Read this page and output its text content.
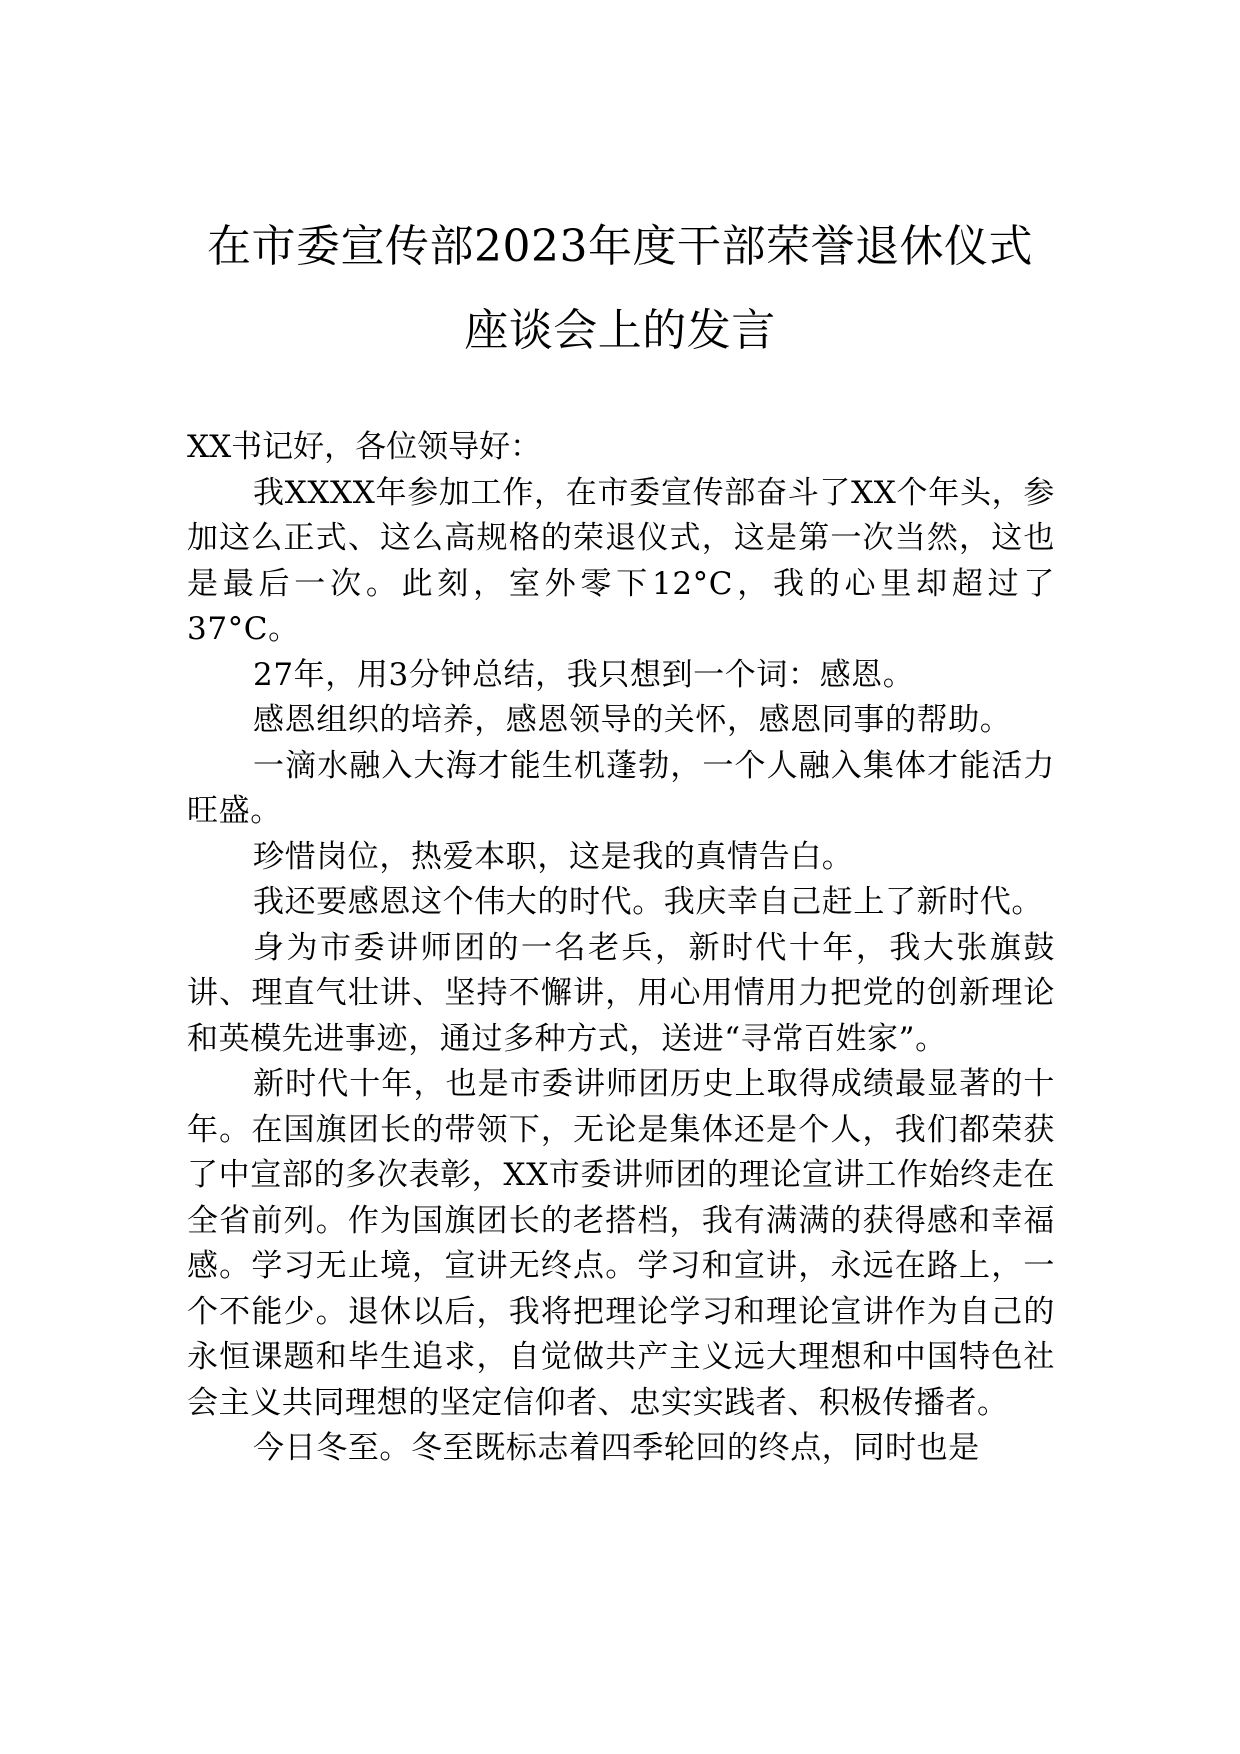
在市委宣传部2023年度干部荣誉退休仪式
座谈会上的发言

XX书记好，各位领导好：

我XXXX年参加工作，在市委宣传部奋斗了XX个年头，参加这么正式、这么高规格的荣退仪式，这是第一次当然，这也是最后一次。此刻，室外零下12°C，我的心里却超过了37°C。

27年，用3分钟总结，我只想到一个词：感恩。

感恩组织的培养，感恩领导的关怀，感恩同事的帮助。

一滴水融入大海才能生机蓬勃，一个人融入集体才能活力旺盛。

珍惜岗位，热爱本职，这是我的真情告白。

我还要感恩这个伟大的时代。我庆幸自己赶上了新时代。

身为市委讲师团的一名老兵，新时代十年，我大张旗鼓讲、理直气壮讲、坚持不懈讲，用心用情用力把党的创新理论和英模先进事迹，通过多种方式，送进“寻常百姓家”。

新时代十年，也是市委讲师团历史上取得成绩最显著的十年。在国旗团长的带领下，无论是集体还是个人，我们都荣获了中宣部的多次表彰，XX市委讲师团的理论宣讲工作始终走在全省前列。作为国旗团长的老搭档，我有满满的获得感和幸福感。学习无止境，宣讲无终点。学习和宣讲，永远在路上，一个不能少。退休以后，我将把理论学习和理论宣讲作为自己的永恒课题和毕生追求，自觉做共产主义远大理想和中国特色社会主义共同理想的坚定信仰者、忠实实践者、积极传播者。

今日冬至。冬至既标志着四季轮回的终点，同时也是
